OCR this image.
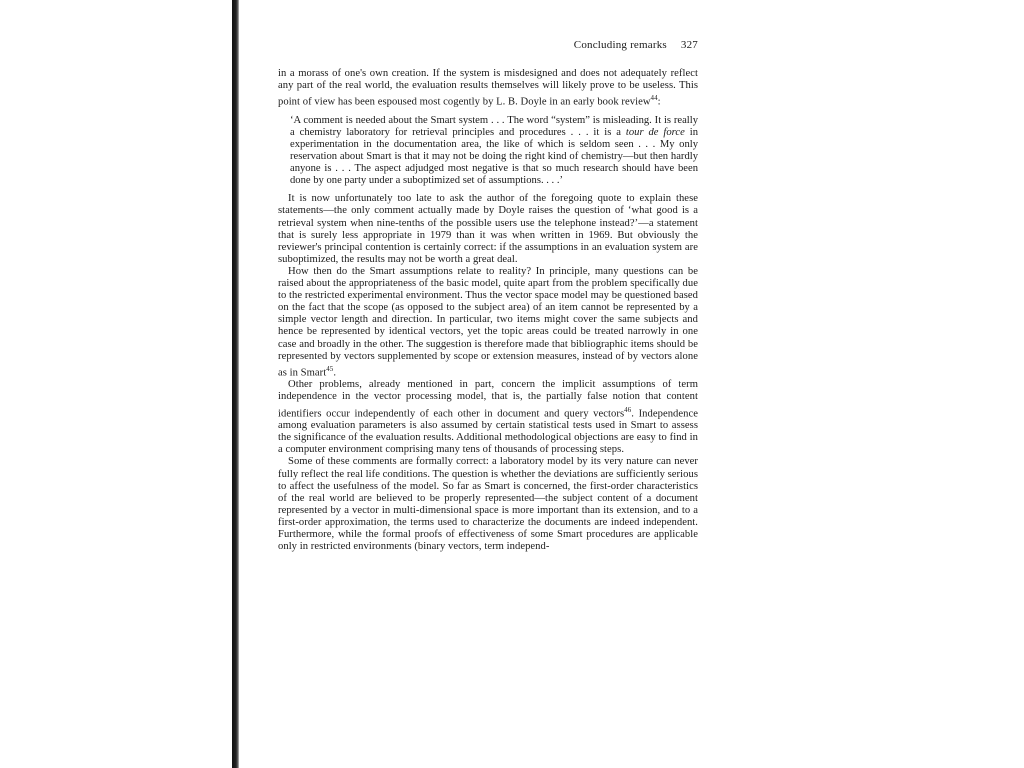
Concluding remarks 327

in a morass of one's own creation. If the system is misdesigned and does not adequately reflect any part of the real world, the evaluation results themselves will likely prove to be useless. This point of view has been espoused most cogently by L. B. Doyle in an early book review$^{44}$:

‘A comment is needed about the Smart system . . . The word “system” is misleading. It is really a chemistry laboratory for retrieval principles and procedures . . . it is a tour de force in experimentation in the documentation area, the like of which is seldom seen . . . My only reservation about Smart is that it may not be doing the right kind of chemistry—but then hardly anyone is . . . The aspect adjudged most negative is that so much research should have been done by one party under a suboptimized set of assumptions. . . .’

It is now unfortunately too late to ask the author of the foregoing quote to explain these statements—the only comment actually made by Doyle raises the question of ‘what good is a retrieval system when nine-tenths of the possible users use the telephone instead?’—a statement that is surely less appropriate in 1979 than it was when written in 1969. But obviously the reviewer's principal contention is certainly correct: if the assumptions in an evaluation system are suboptimized, the results may not be worth a great deal.

How then do the Smart assumptions relate to reality? In principle, many questions can be raised about the appropriateness of the basic model, quite apart from the problem specifically due to the restricted experimental environment. Thus the vector space model may be questioned based on the fact that the scope (as opposed to the subject area) of an item cannot be represented by a simple vector length and direction. In particular, two items might cover the same subjects and hence be represented by identical vectors, yet the topic areas could be treated narrowly in one case and broadly in the other. The suggestion is therefore made that bibliographic items should be represented by vectors supplemented by scope or extension measures, instead of by vectors alone as in Smart$^{45}$.

Other problems, already mentioned in part, concern the implicit assumptions of term independence in the vector processing model, that is, the partially false notion that content identifiers occur independently of each other in document and query vectors$^{46}$. Independence among evaluation parameters is also assumed by certain statistical tests used in Smart to assess the significance of the evaluation results. Additional methodological objections are easy to find in a computer environment comprising many tens of thousands of processing steps.

Some of these comments are formally correct: a laboratory model by its very nature can never fully reflect the real life conditions. The question is whether the deviations are sufficiently serious to affect the usefulness of the model. So far as Smart is concerned, the first-order characteristics of the real world are believed to be properly represented—the subject content of a document represented by a vector in multi-dimensional space is more important than its extension, and to a first-order approximation, the terms used to characterize the documents are indeed independent. Furthermore, while the formal proofs of effectiveness of some Smart procedures are applicable only in restricted environments (binary vectors, term independ-
